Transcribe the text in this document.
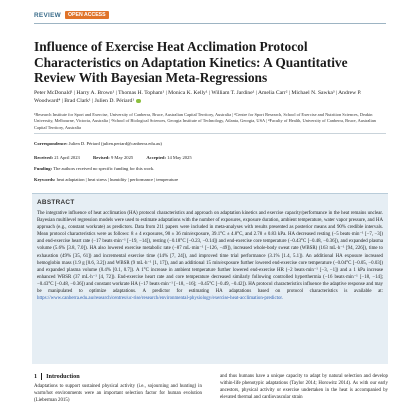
REVIEW	OPEN ACCESS
Influence of Exercise Heat Acclimation Protocol Characteristics on Adaptation Kinetics: A Quantitative Review With Bayesian Meta-Regressions
Peter McDonald¹ | Harry A. Brown¹ | Thomas H. Topham¹ | Monica K. Kelly¹ | William T. Jardine¹ | Amelia Carr² | Michael N. Sawka³ | Andrew P. Woodward⁴ | Brad Clark¹ | Julien D. Périard¹
¹Research Institute for Sport and Exercise, University of Canberra, Bruce, Australian Capital Territory, Australia | ²Centre for Sport Research, School of Exercise and Nutrition Sciences, Deakin University, Melbourne, Victoria, Australia | ³School of Biological Sciences, Georgia Institute of Technology, Atlanta, Georgia, USA | ⁴Faculty of Health, University of Canberra, Bruce, Australian Capital Territory, Australia
Correspondence: Julien D. Périard (julien.periard@canberra.edu.au)
Received: 21 April 2023	Revised: 9 May 2025	Accepted: 14 May 2025
Funding: The authors received no specific funding for this work.
Keywords: heat adaptation | heat stress | humidity | performance | temperature
ABSTRACT

The integrative influence of heat acclimation (HA) protocol characteristics and approach on adaptation kinetics and exercise capacity/performance in the heat remains unclear. Bayesian multilevel regression models were used to estimate adaptations with the number of exposures, exposure duration, ambient temperature, water vapor pressure, and HA approach (e.g., constant workrate) as predictors. Data from 211 papers were included in meta-analyses with results presented as posterior means and 90% credible intervals. Mean protocol characteristics were as follows: 8 ± 4 exposures, 90 ± 36 min/exposure, 39.1°C ± 4.8°C, and 2.78 ± 0.83 kPa. HA decreased resting (−5 beats·min⁻¹ [−7, −3]) and end-exercise heart rate (−17 beats·min⁻¹ [−19, −14]), resting (−0.18°C [−0.23, −0.14]) and end-exercise core temperature (−0.43°C [−0.48, −0.36]), and expanded plasma volume (5.6% [3.8, 7.0]). HA also lowered exercise metabolic rate (−87 mL·min⁻¹ [−126, −49]), increased whole-body sweat rate (WBSR) (163 mL·h⁻¹ [94, 226]), time to exhaustion (49% [35, 61]) and incremental exercise time (14% [7, 24]), and improved time trial performance (3.1% [1.4, 5.1]). An additional HA exposure increased hemoglobin mass (1.9 g [0.6, 3.2]) and WBSR (9 mL·h⁻¹ [1, 17]), and an additional 15 min/exposure further lowered end-exercise core temperature (−0.04°C [−0.05, −0.03]) and expanded plasma volume (0.4% [0.1, 0.7]). A 1°C increase in ambient temperature further lowered end-exercise HR (−2 beats·min⁻¹ [−3, −1]) and a 1 kPa increase enhanced WBSR (37 mL·h⁻¹ [4, 72]). End-exercise heart rate and core temperature decreased similarly following controlled hyperthermia (−16 beats·min⁻¹ [−18, −14]; −0.43°C [−0.48, −0.36]) and constant workrate HA (−17 beats·min⁻¹ [−18, −16]; −0.45°C [−0.49, −0.42]). HA protocol characteristics influence the adaptive response and may be manipulated to optimize adaptations. A predictor for estimating HA adaptations based on protocol characteristics is available at: https://www.canberra.edu.au/research/centres/uc-rise/research/environmental-physiology/exercise-heat-acclimation-predictor.

1 Introduction

Adaptations to support sustained physical activity (i.e., sojourning and hunting) in warm/hot environments were an important selection factor for human evolution (Lieberman 2015)

and thus humans have a unique capacity to adapt by natural selection and develop within-life phenotypic adaptations (Taylor 2014; Horowitz 2014). As with our early ancestors, physical activity or exercise undertaken in the heat is accompanied by elevated thermal and cardiovascular strain
